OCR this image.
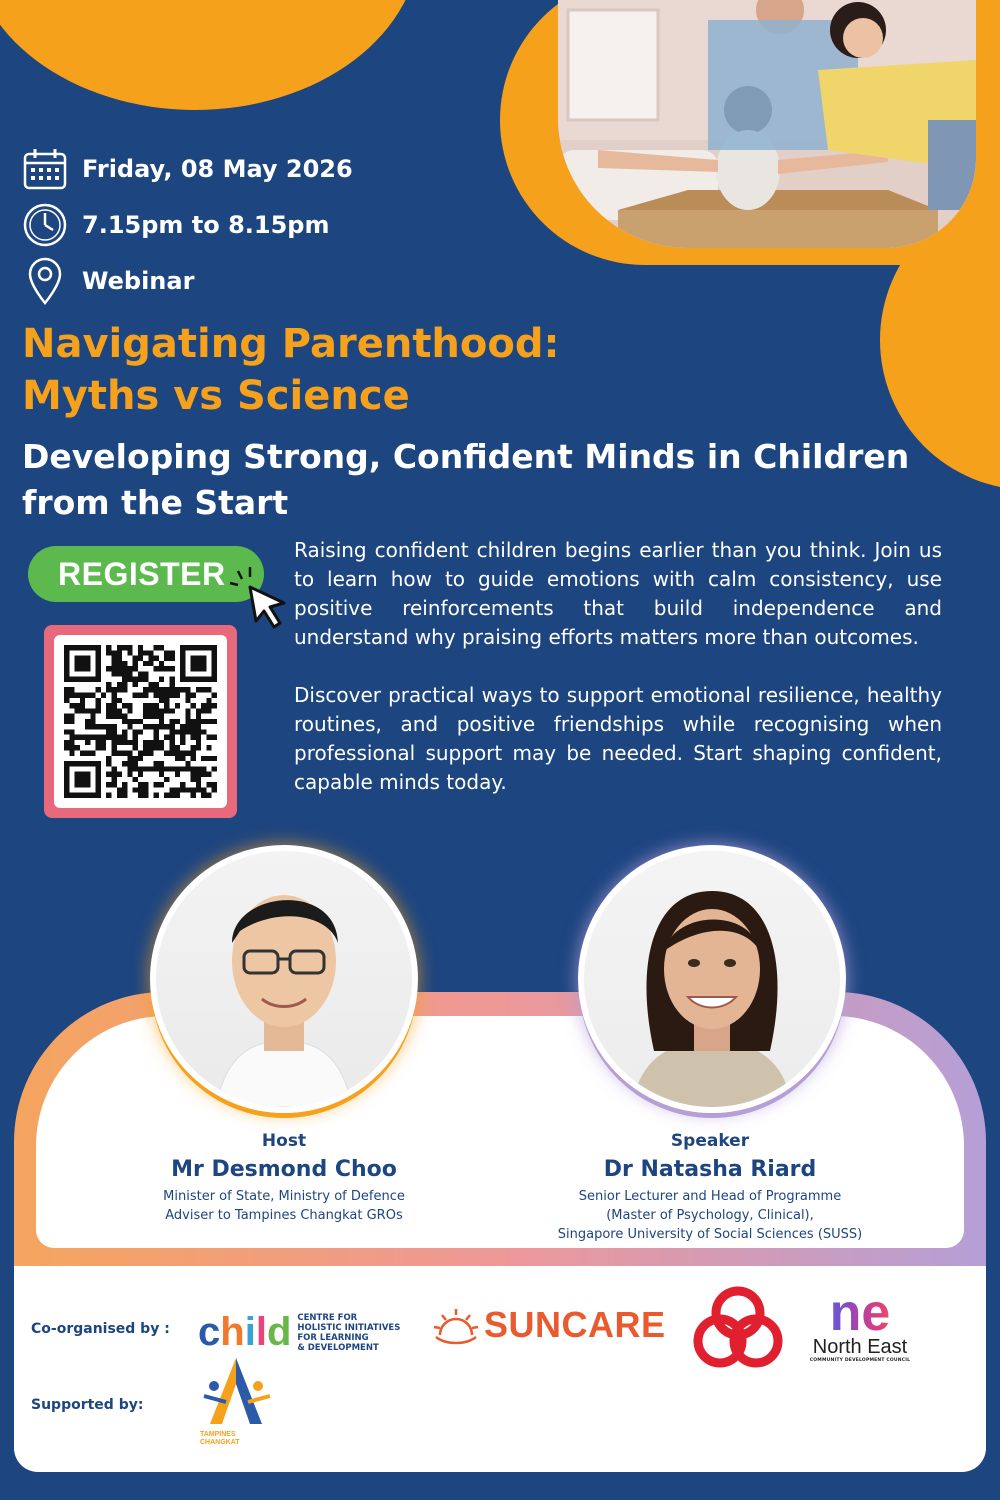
Friday, 08 May 2026
7.15pm to 8.15pm
Webinar
Navigating Parenthood:
Myths vs Science
Developing Strong, Confident Minds in Children
from the Start
REGISTER

Raising confident children begins earlier than you think. Join us to learn how to guide emotions with calm consistency, use positive reinforcements that build independence and understand why praising efforts matters more than outcomes.

Discover practical ways to support emotional resilience, healthy routines, and positive friendships while recognising when professional support may be needed. Start shaping confident, capable minds today.

Host
Mr Desmond Choo
Minister of State, Ministry of Defence
Adviser to Tampines Changkat GROs
Speaker
Dr Natasha Riard
Senior Lecturer and Head of Programme
(Master of Psychology, Clinical),
Singapore University of Social Sciences (SUSS)
Co-organised by :
Supported by:
child CENTRE FOR
HOLISTIC INITIATIVES
FOR LEARNING
& DEVELOPMENT
SUNCARE	ne
North East
COMMUNITY DEVELOPMENT COUNCIL
TAMPINES
CHANGKAT
